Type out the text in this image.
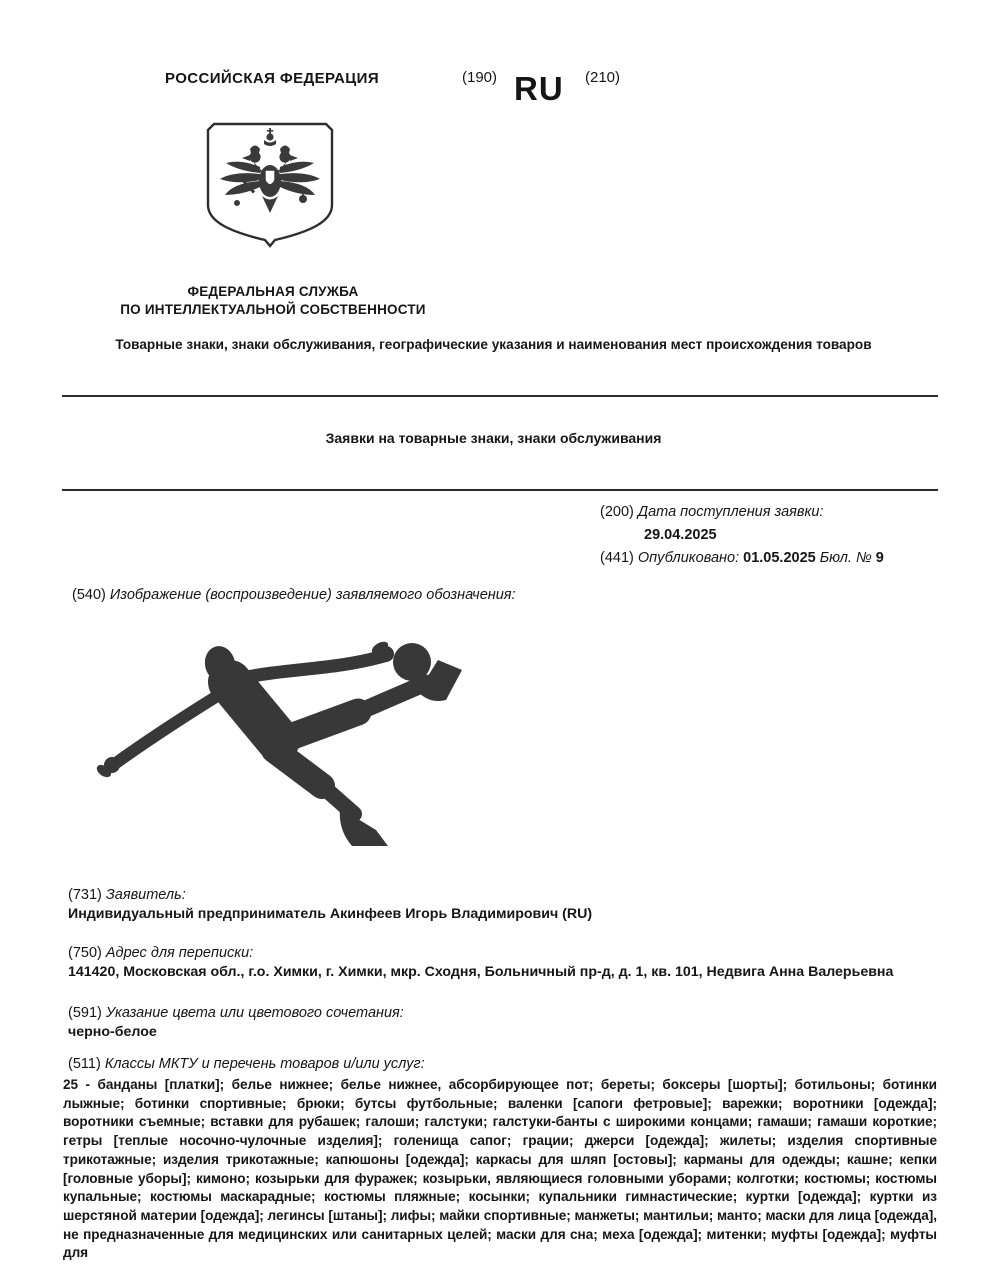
РОССИЙСКАЯ ФЕДЕРАЦИЯ	(190) RU (210)
ФЕДЕРАЛЬНАЯ СЛУЖБА
ПО ИНТЕЛЛЕКТУАЛЬНОЙ СОБСТВЕННОСТИ
Товарные знаки, знаки обслуживания, географические указания и наименования мест происхождения товаров
Заявки на товарные знаки, знаки обслуживания
(200) Дата поступления заявки:
29.04.2025
(441) Опубликовано: 01.05.2025 Бюл. № 9
(540) Изображение (воспроизведение) заявляемого обозначения:
(731) Заявитель:
Индивидуальный предприниматель Акинфеев Игорь Владимирович (RU)
(750) Адрес для переписки:
141420, Московская обл., г.о. Химки, г. Химки, мкр. Сходня, Больничный пр-д, д. 1, кв. 101, Недвига Анна Валерьевна
(591) Указание цвета или цветового сочетания:
черно-белое
(511) Классы МКТУ и перечень товаров и/или услуг:
25 - банданы [платки]; белье нижнее; белье нижнее, абсорбирующее пот; береты; боксеры [шорты]; ботильоны; ботинки лыжные; ботинки спортивные; брюки; бутсы футбольные; валенки [сапоги фетровые]; варежки; воротники [одежда]; воротники съемные; вставки для рубашек; галоши; галстуки; галстуки-банты с широкими концами; гамаши; гамаши короткие; гетры [теплые носочно-чулочные изделия]; голенища сапог; грации; джерси [одежда]; жилеты; изделия спортивные трикотажные; изделия трикотажные; капюшоны [одежда]; каркасы для шляп [остовы]; карманы для одежды; кашне; кепки [головные уборы]; кимоно; козырьки для фуражек; козырьки, являющиеся головными уборами; колготки; костюмы; костюмы купальные; костюмы маскарадные; костюмы пляжные; косынки; купальники гимнастические; куртки [одежда]; куртки из шерстяной материи [одежда]; легинсы [штаны]; лифы; майки спортивные; манжеты; мантильи; манто; маски для лица [одежда], не предназначенные для медицинских или санитарных целей; маски для сна; меха [одежда]; митенки; муфты [одежда]; муфты для
